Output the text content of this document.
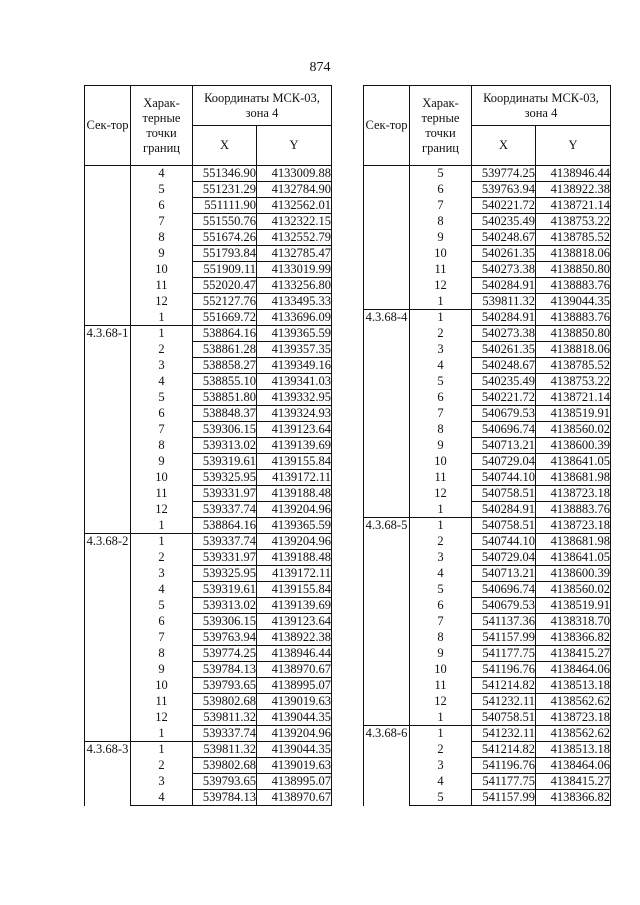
874
Сек-тор	Харак-терные точки границ	Координаты МСК-03, зона 4	
		X	Y
	4	551346.90	4133009.88
	5	551231.29	4132784.90
	6	551111.90	4132562.01
	7	551550.76	4132322.15
	8	551674.26	4132552.79
	9	551793.84	4132785.47
	10	551909.11	4133019.99
	11	552020.47	4133256.80
	12	552127.76	4133495.33
	1	551669.72	4133696.09
4.3.68-1	1	538864.16	4139365.59
	2	538861.28	4139357.35
	3	538858.27	4139349.16
	4	538855.10	4139341.03
	5	538851.80	4139332.95
	6	538848.37	4139324.93
	7	539306.15	4139123.64
	8	539313.02	4139139.69
	9	539319.61	4139155.84
	10	539325.95	4139172.11
	11	539331.97	4139188.48
	12	539337.74	4139204.96
	1	538864.16	4139365.59
4.3.68-2	1	539337.74	4139204.96
	2	539331.97	4139188.48
	3	539325.95	4139172.11
	4	539319.61	4139155.84
	5	539313.02	4139139.69
	6	539306.15	4139123.64
	7	539763.94	4138922.38
	8	539774.25	4138946.44
	9	539784.13	4138970.67
	10	539793.65	4138995.07
	11	539802.68	4139019.63
	12	539811.32	4139044.35
	1	539337.74	4139204.96
4.3.68-3	1	539811.32	4139044.35
	2	539802.68	4139019.63
	3	539793.65	4138995.07
	4	539784.13	4138970.67
Сек-тор	Харак-терные точки границ	Координаты МСК-03, зона 4	
		X	Y
	5	539774.25	4138946.44
	6	539763.94	4138922.38
	7	540221.72	4138721.14
	8	540235.49	4138753.22
	9	540248.67	4138785.52
	10	540261.35	4138818.06
	11	540273.38	4138850.80
	12	540284.91	4138883.76
	1	539811.32	4139044.35
4.3.68-4	1	540284.91	4138883.76
	2	540273.38	4138850.80
	3	540261.35	4138818.06
	4	540248.67	4138785.52
	5	540235.49	4138753.22
	6	540221.72	4138721.14
	7	540679.53	4138519.91
	8	540696.74	4138560.02
	9	540713.21	4138600.39
	10	540729.04	4138641.05
	11	540744.10	4138681.98
	12	540758.51	4138723.18
	1	540284.91	4138883.76
4.3.68-5	1	540758.51	4138723.18
	2	540744.10	4138681.98
	3	540729.04	4138641.05
	4	540713.21	4138600.39
	5	540696.74	4138560.02
	6	540679.53	4138519.91
	7	541137.36	4138318.70
	8	541157.99	4138366.82
	9	541177.75	4138415.27
	10	541196.76	4138464.06
	11	541214.82	4138513.18
	12	541232.11	4138562.62
	1	540758.51	4138723.18
4.3.68-6	1	541232.11	4138562.62
	2	541214.82	4138513.18
	3	541196.76	4138464.06
	4	541177.75	4138415.27
	5	541157.99	4138366.82
